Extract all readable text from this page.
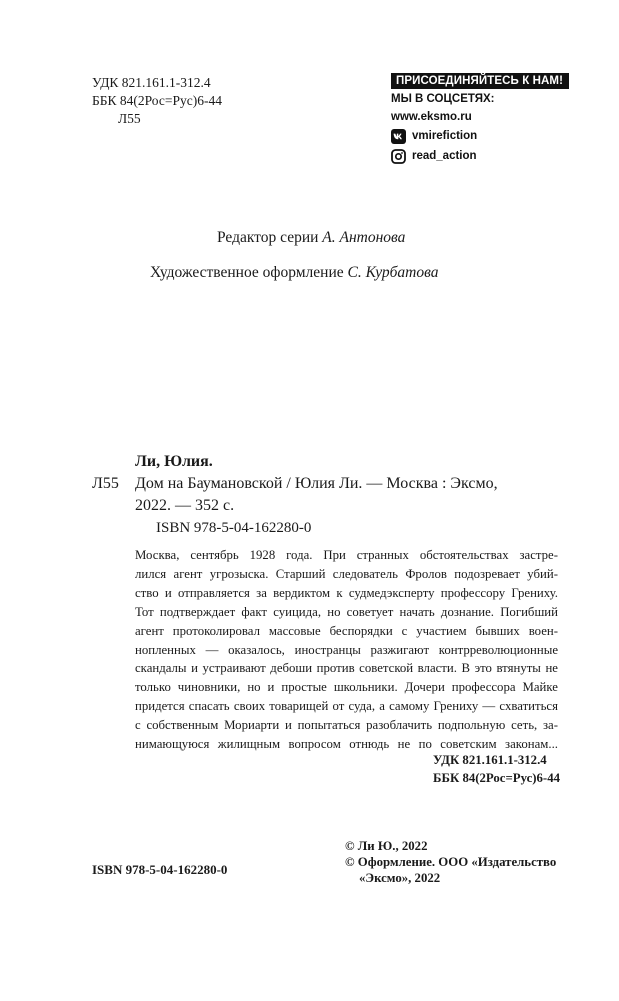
УДК 821.161.1-312.4
ББК 84(2Рос=Рус)6-44
Л55
ПРИСОЕДИНЯЙТЕСЬ К НАМ!
МЫ В СОЦСЕТЯХ:
www.eksmo.ru
vmirefiction
read_action
Редактор серии А. Антонова
Художественное оформление С. Курбатова
Ли, Юлия.
Л55 Дом на Баумановской / Юлия Ли. — Москва : Эксмо,
2022. — 352 с.
ISBN 978-5-04-162280-0

Москва, сентябрь 1928 года. При странных обстоятельствах застре-

лился агент угрозыска. Старший следователь Фролов подозревает убий-

ство и отправляется за вердиктом к судмедэксперту профессору Грениху.

Тот подтверждает факт суицида, но советует начать дознание. Погибший

агент протоколировал массовые беспорядки с участием бывших воен-

нопленных — оказалось, иностранцы разжигают контрреволюционные

скандалы и устраивают дебоши против советской власти. В это втянуты не

только чиновники, но и простые школьники. Дочери профессора Майке

придется спасать своих товарищей от суда, а самому Грениху — схватиться

с собственным Мориарти и попытаться разоблачить подпольную сеть, за-

нимающуюся жилищным вопросом отнюдь не по советским законам...

УДК 821.161.1-312.4
ББК 84(2Рос=Рус)6-44
© Ли Ю., 2022
© Оформление. ООО «Издательство
«Эксмо», 2022
ISBN 978-5-04-162280-0
